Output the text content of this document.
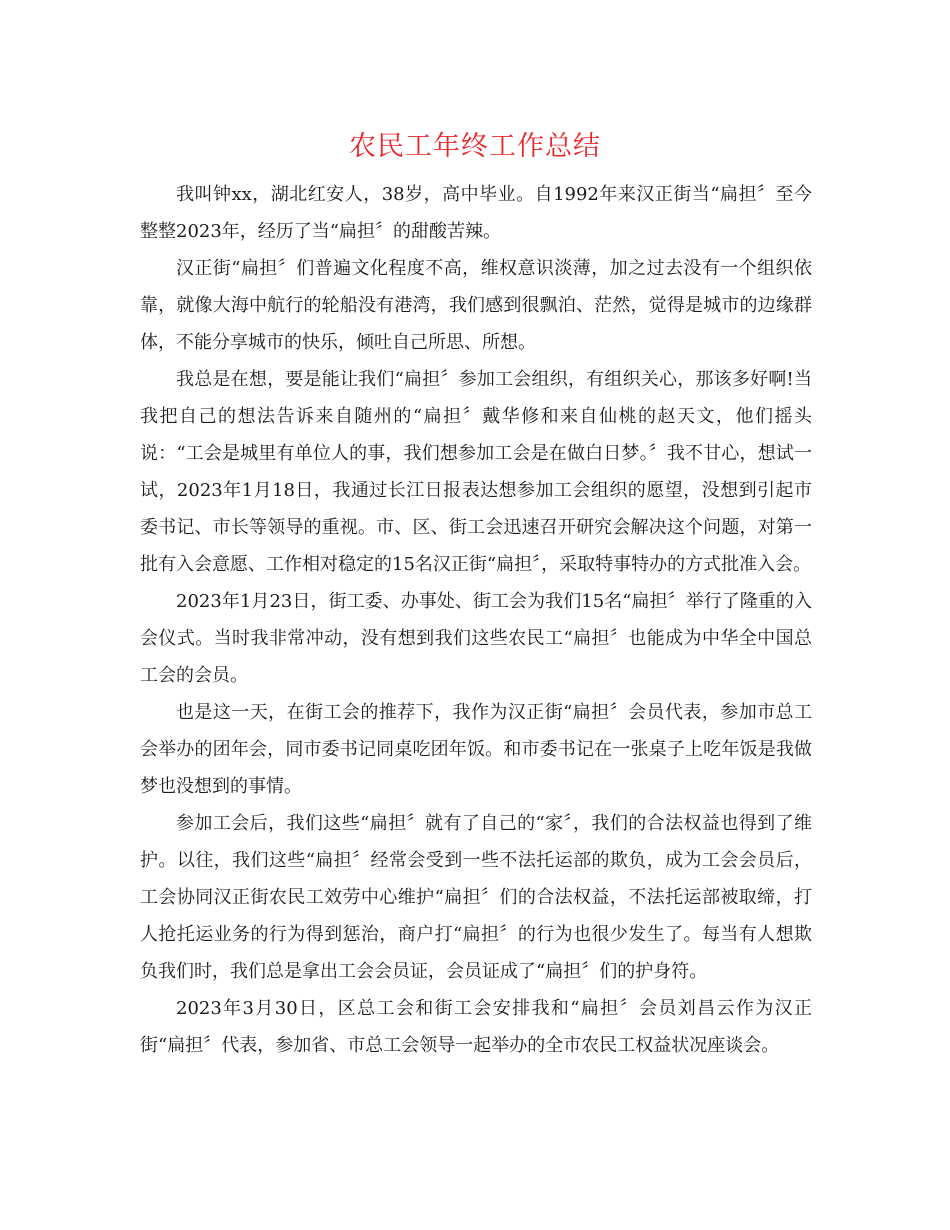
农民工年终工作总结

我叫钟xx，湖北红安人，38岁，高中毕业。自1992年来汉正街当“扁担〞至今整整2023年，经历了当“扁担〞的甜酸苦辣。

汉正街“扁担〞们普遍文化程度不高，维权意识淡薄，加之过去没有一个组织依靠，就像大海中航行的轮船没有港湾，我们感到很飘泊、茫然，觉得是城市的边缘群体，不能分享城市的快乐，倾吐自己所思、所想。

我总是在想，要是能让我们“扁担〞参加工会组织，有组织关心，那该多好啊!当我把自己的想法告诉来自随州的“扁担〞戴华修和来自仙桃的赵天文，他们摇头说：“工会是城里有单位人的事，我们想参加工会是在做白日梦。〞我不甘心，想试一试，2023年1月18日，我通过长江日报表达想参加工会组织的愿望，没想到引起市委书记、市长等领导的重视。市、区、街工会迅速召开研究会解决这个问题，对第一批有入会意愿、工作相对稳定的15名汉正街“扁担〞，采取特事特办的方式批准入会。

2023年1月23日，街工委、办事处、街工会为我们15名“扁担〞举行了隆重的入会仪式。当时我非常冲动，没有想到我们这些农民工“扁担〞也能成为中华全中国总工会的会员。

也是这一天，在街工会的推荐下，我作为汉正街“扁担〞会员代表，参加市总工会举办的团年会，同市委书记同桌吃团年饭。和市委书记在一张桌子上吃年饭是我做梦也没想到的事情。

参加工会后，我们这些“扁担〞就有了自己的“家〞，我们的合法权益也得到了维护。以往，我们这些“扁担〞经常会受到一些不法托运部的欺负，成为工会会员后，工会协同汉正街农民工效劳中心维护“扁担〞们的合法权益，不法托运部被取缔，打人抢托运业务的行为得到惩治，商户打“扁担〞的行为也很少发生了。每当有人想欺负我们时，我们总是拿出工会会员证，会员证成了“扁担〞们的护身符。

2023年3月30日，区总工会和街工会安排我和“扁担〞会员刘昌云作为汉正街“扁担〞代表，参加省、市总工会领导一起举办的全市农民工权益状况座谈会。
